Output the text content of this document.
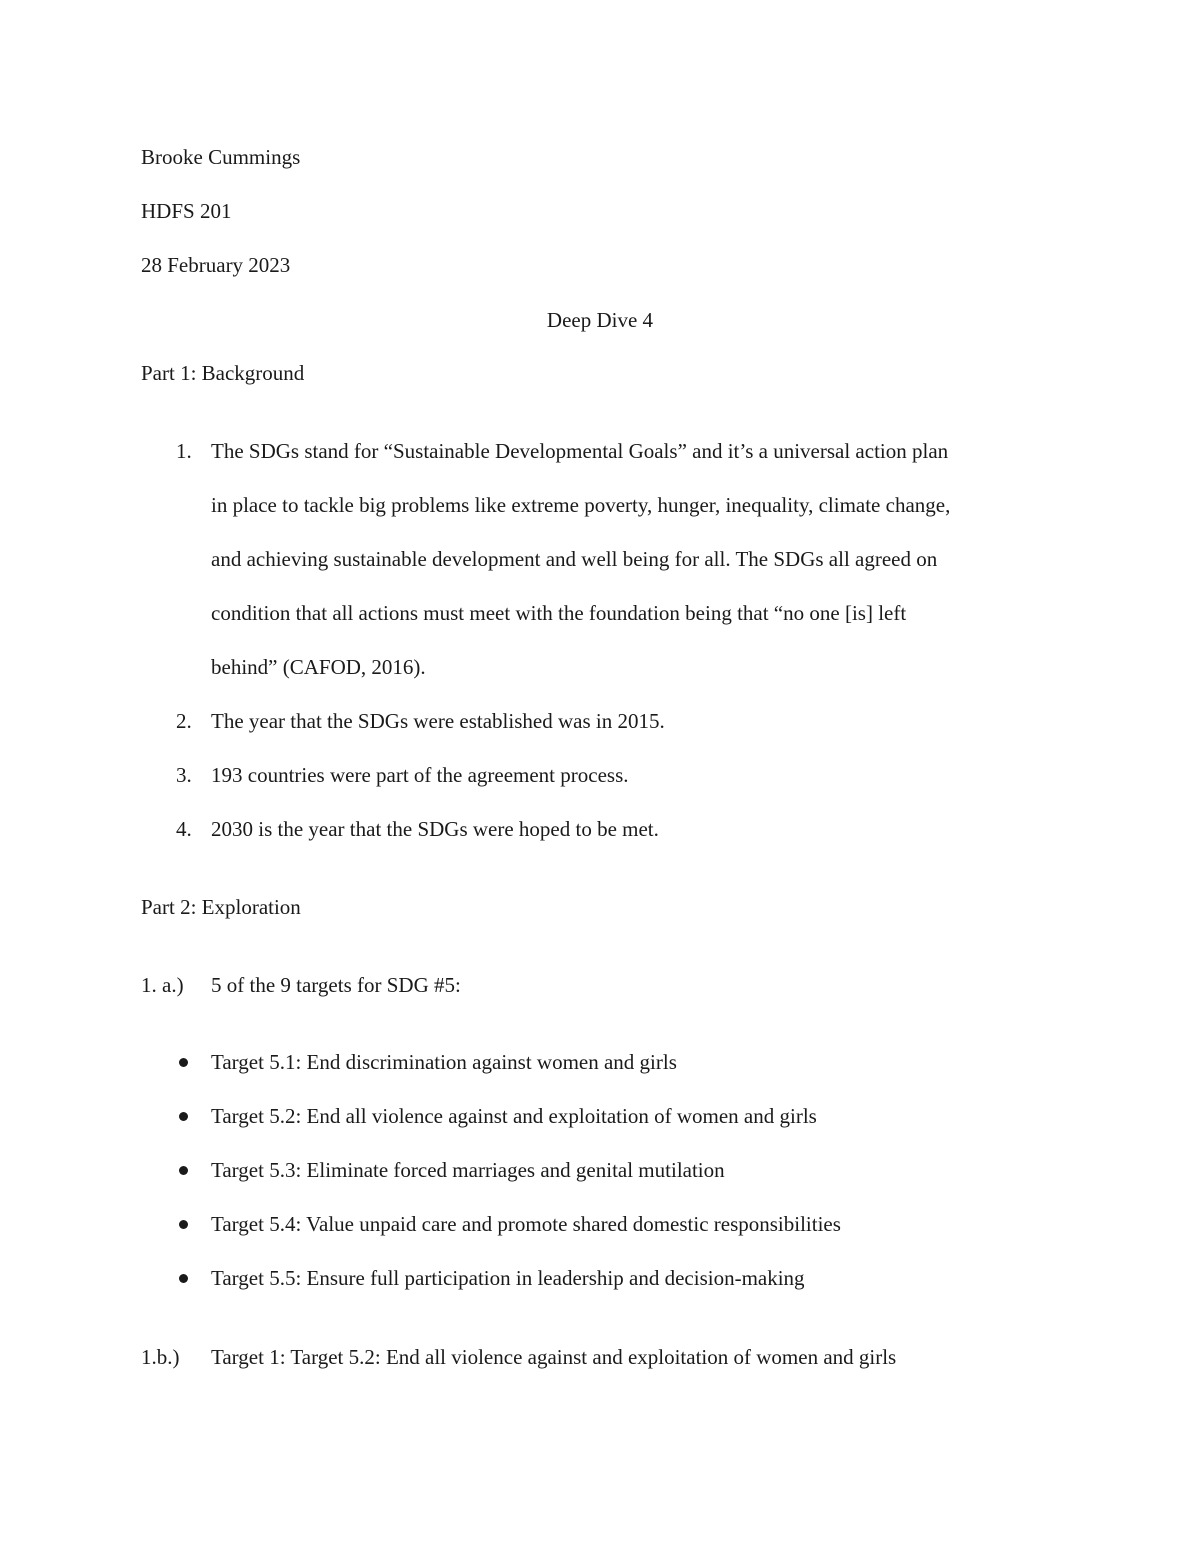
Brooke Cummings
HDFS 201
28 February 2023
Deep Dive 4
Part 1: Background
1. The SDGs stand for “Sustainable Developmental Goals” and it’s a universal action plan
in place to tackle big problems like extreme poverty, hunger, inequality, climate change,
and achieving sustainable development and well being for all. The SDGs all agreed on
condition that all actions must meet with the foundation being that “no one [is] left
behind” (CAFOD, 2016).
2. The year that the SDGs were established was in 2015.
3. 193 countries were part of the agreement process.
4. 2030 is the year that the SDGs were hoped to be met.
Part 2: Exploration
1. a.) 5 of the 9 targets for SDG #5:
Target 5.1: End discrimination against women and girls
Target 5.2: End all violence against and exploitation of women and girls
Target 5.3: Eliminate forced marriages and genital mutilation
Target 5.4: Value unpaid care and promote shared domestic responsibilities
Target 5.5: Ensure full participation in leadership and decision-making
1.b.) Target 1: Target 5.2: End all violence against and exploitation of women and girls
